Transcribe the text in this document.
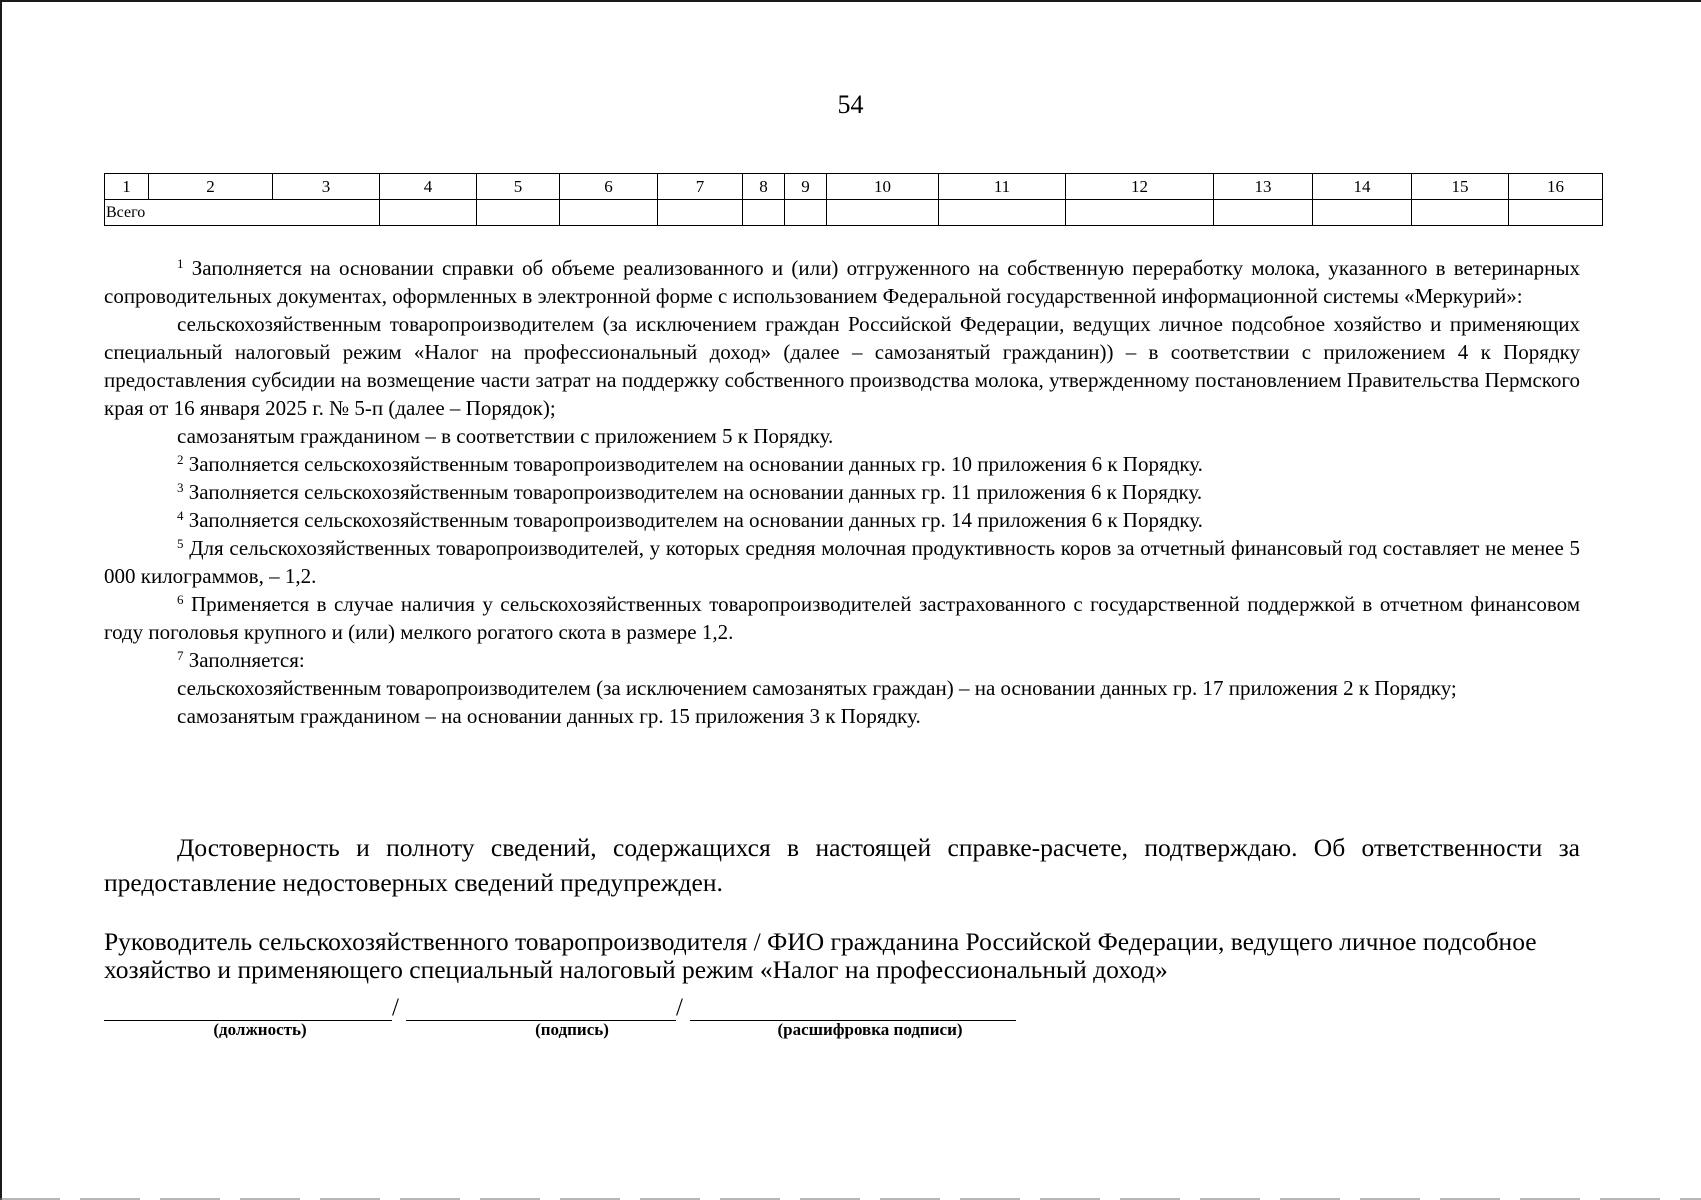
54
1	2	3	4	5	6	7	8	9	10	11	12	13	14	15	16
Всего															

$^1$ Заполняется на основании справки об объеме реализованного и (или) отгруженного на собственную переработку молока, указанного в ветеринарных сопроводительных документах, оформленных в электронной форме с использованием Федеральной государственной информационной системы «Меркурий»:

сельскохозяйственным товаропроизводителем (за исключением граждан Российской Федерации, ведущих личное подсобное хозяйство и применяющих специальный налоговый режим «Налог на профессиональный доход» (далее – самозанятый гражданин)) – в соответствии с приложением 4 к Порядку предоставления субсидии на возмещение части затрат на поддержку собственного производства молока, утвержденному постановлением Правительства Пермского края от 16 января 2025 г. № 5-п (далее – Порядок);

самозанятым гражданином – в соответствии с приложением 5 к Порядку.

$^2$ Заполняется сельскохозяйственным товаропроизводителем на основании данных гр. 10 приложения 6 к Порядку.

$^3$ Заполняется сельскохозяйственным товаропроизводителем на основании данных гр. 11 приложения 6 к Порядку.

$^4$ Заполняется сельскохозяйственным товаропроизводителем на основании данных гр. 14 приложения 6 к Порядку.

$^5$ Для сельскохозяйственных товаропроизводителей, у которых средняя молочная продуктивность коров за отчетный финансовый год составляет не менее 5 000 килограммов, – 1,2.

$^6$ Применяется в случае наличия у сельскохозяйственных товаропроизводителей застрахованного с государственной поддержкой в отчетном финансовом году поголовья крупного и (или) мелкого рогатого скота в размере 1,2.

$^7$ Заполняется:

сельскохозяйственным товаропроизводителем (за исключением самозанятых граждан) – на основании данных гр. 17 приложения 2 к Порядку;

самозанятым гражданином – на основании данных гр. 15 приложения 3 к Порядку.

Достоверность и полноту сведений, содержащихся в настоящей справке-расчете, подтверждаю. Об ответственности за предоставление недостоверных сведений предупрежден.

Руководитель сельскохозяйственного товаропроизводителя / ФИО гражданина Российской Федерации, ведущего личное подсобное хозяйство и применяющего специальный налоговый режим «Налог на профессиональный доход»
/	/
(должность)	(подпись)	(расшифровка подписи)
